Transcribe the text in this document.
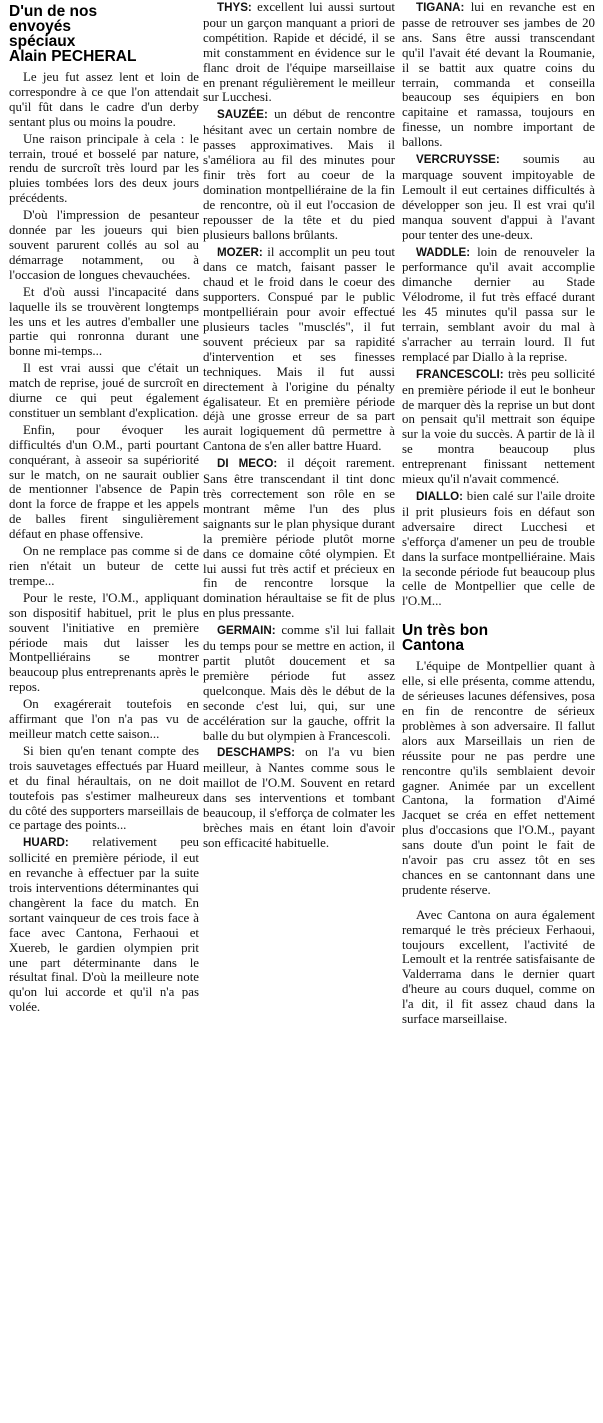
D'un de nos
envoyés
spéciaux
Alain PECHERAL

Le jeu fut assez lent et loin de correspondre à ce que l'on attendait qu'il fût dans le cadre d'un derby sentant plus ou moins la poudre.

Une raison principale à cela : le terrain, troué et bosselé par nature, rendu de surcroît très lourd par les pluies tombées lors des deux jours précédents.

D'où l'impression de pesanteur donnée par les joueurs qui bien souvent parurent collés au sol au démarrage notamment, ou à l'occasion de longues chevauchées.

Et d'où aussi l'incapacité dans laquelle ils se trouvèrent longtemps les uns et les autres d'emballer une partie qui ronronna durant une bonne mi-temps...

Il est vrai aussi que c'était un match de reprise, joué de surcroît en diurne ce qui peut également constituer un semblant d'explication.

Enfin, pour évoquer les difficultés d'un O.M., parti pourtant conquérant, à asseoir sa supériorité sur le match, on ne saurait oublier de mentionner l'absence de Papin dont la force de frappe et les appels de balles firent singulièrement défaut en phase offensive.

On ne remplace pas comme si de rien n'était un buteur de cette trempe...

Pour le reste, l'O.M., appliquant son dispositif habituel, prit le plus souvent l'initiative en première période mais dut laisser les Montpelliérains se montrer beaucoup plus entreprenants après le repos.

On exagérerait toutefois en affirmant que l'on n'a pas vu de meilleur match cette saison...

Si bien qu'en tenant compte des trois sauvetages effectués par Huard et du final héraultais, on ne doit toutefois pas s'estimer malheureux du côté des supporters marseillais de ce partage des points...

HUARD: relativement peu sollicité en première période, il eut en revanche à effectuer par la suite trois interventions déterminantes qui changèrent la face du match. En sortant vainqueur de ces trois face à face avec Cantona, Ferhaoui et Xuereb, le gardien olympien prit une part déterminante dans le résultat final. D'où la meilleure note qu'on lui accorde et qu'il n'a pas volée.

THYS: excellent lui aussi surtout pour un garçon manquant a priori de compétition. Rapide et décidé, il se mit constamment en évidence sur le flanc droit de l'équipe marseillaise en prenant régulièrement le meilleur sur Lucchesi.

SAUZÉE: un début de rencontre hésitant avec un certain nombre de passes approximatives. Mais il s'améliora au fil des minutes pour finir très fort au coeur de la domination montpelliéraine de la fin de rencontre, où il eut l'occasion de repousser de la tête et du pied plusieurs ballons brûlants.

MOZER: il accomplit un peu tout dans ce match, faisant passer le chaud et le froid dans le coeur des supporters. Conspué par le public montpelliérain pour avoir effectué plusieurs tacles "musclés", il fut souvent précieux par sa rapidité d'intervention et ses finesses techniques. Mais il fut aussi directement à l'origine du pénalty égalisateur. Et en première période déjà une grosse erreur de sa part aurait logiquement dû permettre à Cantona de s'en aller battre Huard.

DI MECO: il déçoit rarement. Sans être transcendant il tint donc très correctement son rôle en se montrant même l'un des plus saignants sur le plan physique durant la première période plutôt morne dans ce domaine côté olympien. Et lui aussi fut très actif et précieux en fin de rencontre lorsque la domination héraultaise se fit de plus en plus pressante.

GERMAIN: comme s'il lui fallait du temps pour se mettre en action, il partit plutôt doucement et sa première période fut assez quelconque. Mais dès le début de la seconde c'est lui, qui, sur une accélération sur la gauche, offrit la balle du but olympien à Francescoli.

DESCHAMPS: on l'a vu bien meilleur, à Nantes comme sous le maillot de l'O.M. Souvent en retard dans ses interventions et tombant beaucoup, il s'efforça de colmater les brèches mais en étant loin d'avoir son efficacité habituelle.

TIGANA: lui en revanche est en passe de retrouver ses jambes de 20 ans. Sans être aussi transcendant qu'il l'avait été devant la Roumanie, il se battit aux quatre coins du terrain, commanda et conseilla beaucoup ses équipiers en bon capitaine et ramassa, toujours en finesse, un nombre important de ballons.

VERCRUYSSE: soumis au marquage souvent impitoyable de Lemoult il eut certaines difficultés à développer son jeu. Il est vrai qu'il manqua souvent d'appui à l'avant pour tenter des une-deux.

WADDLE: loin de renouveler la performance qu'il avait accomplie dimanche dernier au Stade Vélodrome, il fut très effacé durant les 45 minutes qu'il passa sur le terrain, semblant avoir du mal à s'arracher au terrain lourd. Il fut remplacé par Diallo à la reprise.

FRANCESCOLI: très peu sollicité en première période il eut le bonheur de marquer dès la reprise un but dont on pensait qu'il mettrait son équipe sur la voie du succès. A partir de là il se montra beaucoup plus entreprenant finissant nettement mieux qu'il n'avait commencé.

DIALLO: bien calé sur l'aile droite il prit plusieurs fois en défaut son adversaire direct Lucchesi et s'efforça d'amener un peu de trouble dans la surface montpelliéraine. Mais la seconde période fut beaucoup plus celle de Montpellier que celle de l'O.M...

Un très bon
Cantona

L'équipe de Montpellier quant à elle, si elle présenta, comme attendu, de sérieuses lacunes défensives, posa en fin de rencontre de sérieux problèmes à son adversaire. Il fallut alors aux Marseillais un rien de réussite pour ne pas perdre une rencontre qu'ils semblaient devoir gagner. Animée par un excellent Cantona, la formation d'Aimé Jacquet se créa en effet nettement plus d'occasions que l'O.M., payant sans doute d'un point le fait de n'avoir pas cru assez tôt en ses chances en se cantonnant dans une prudente réserve.

Avec Cantona on aura également remarqué le très précieux Ferhaoui, toujours excellent, l'activité de Lemoult et la rentrée satisfaisante de Valderrama dans le dernier quart d'heure au cours duquel, comme on l'a dit, il fit assez chaud dans la surface marseillaise.
